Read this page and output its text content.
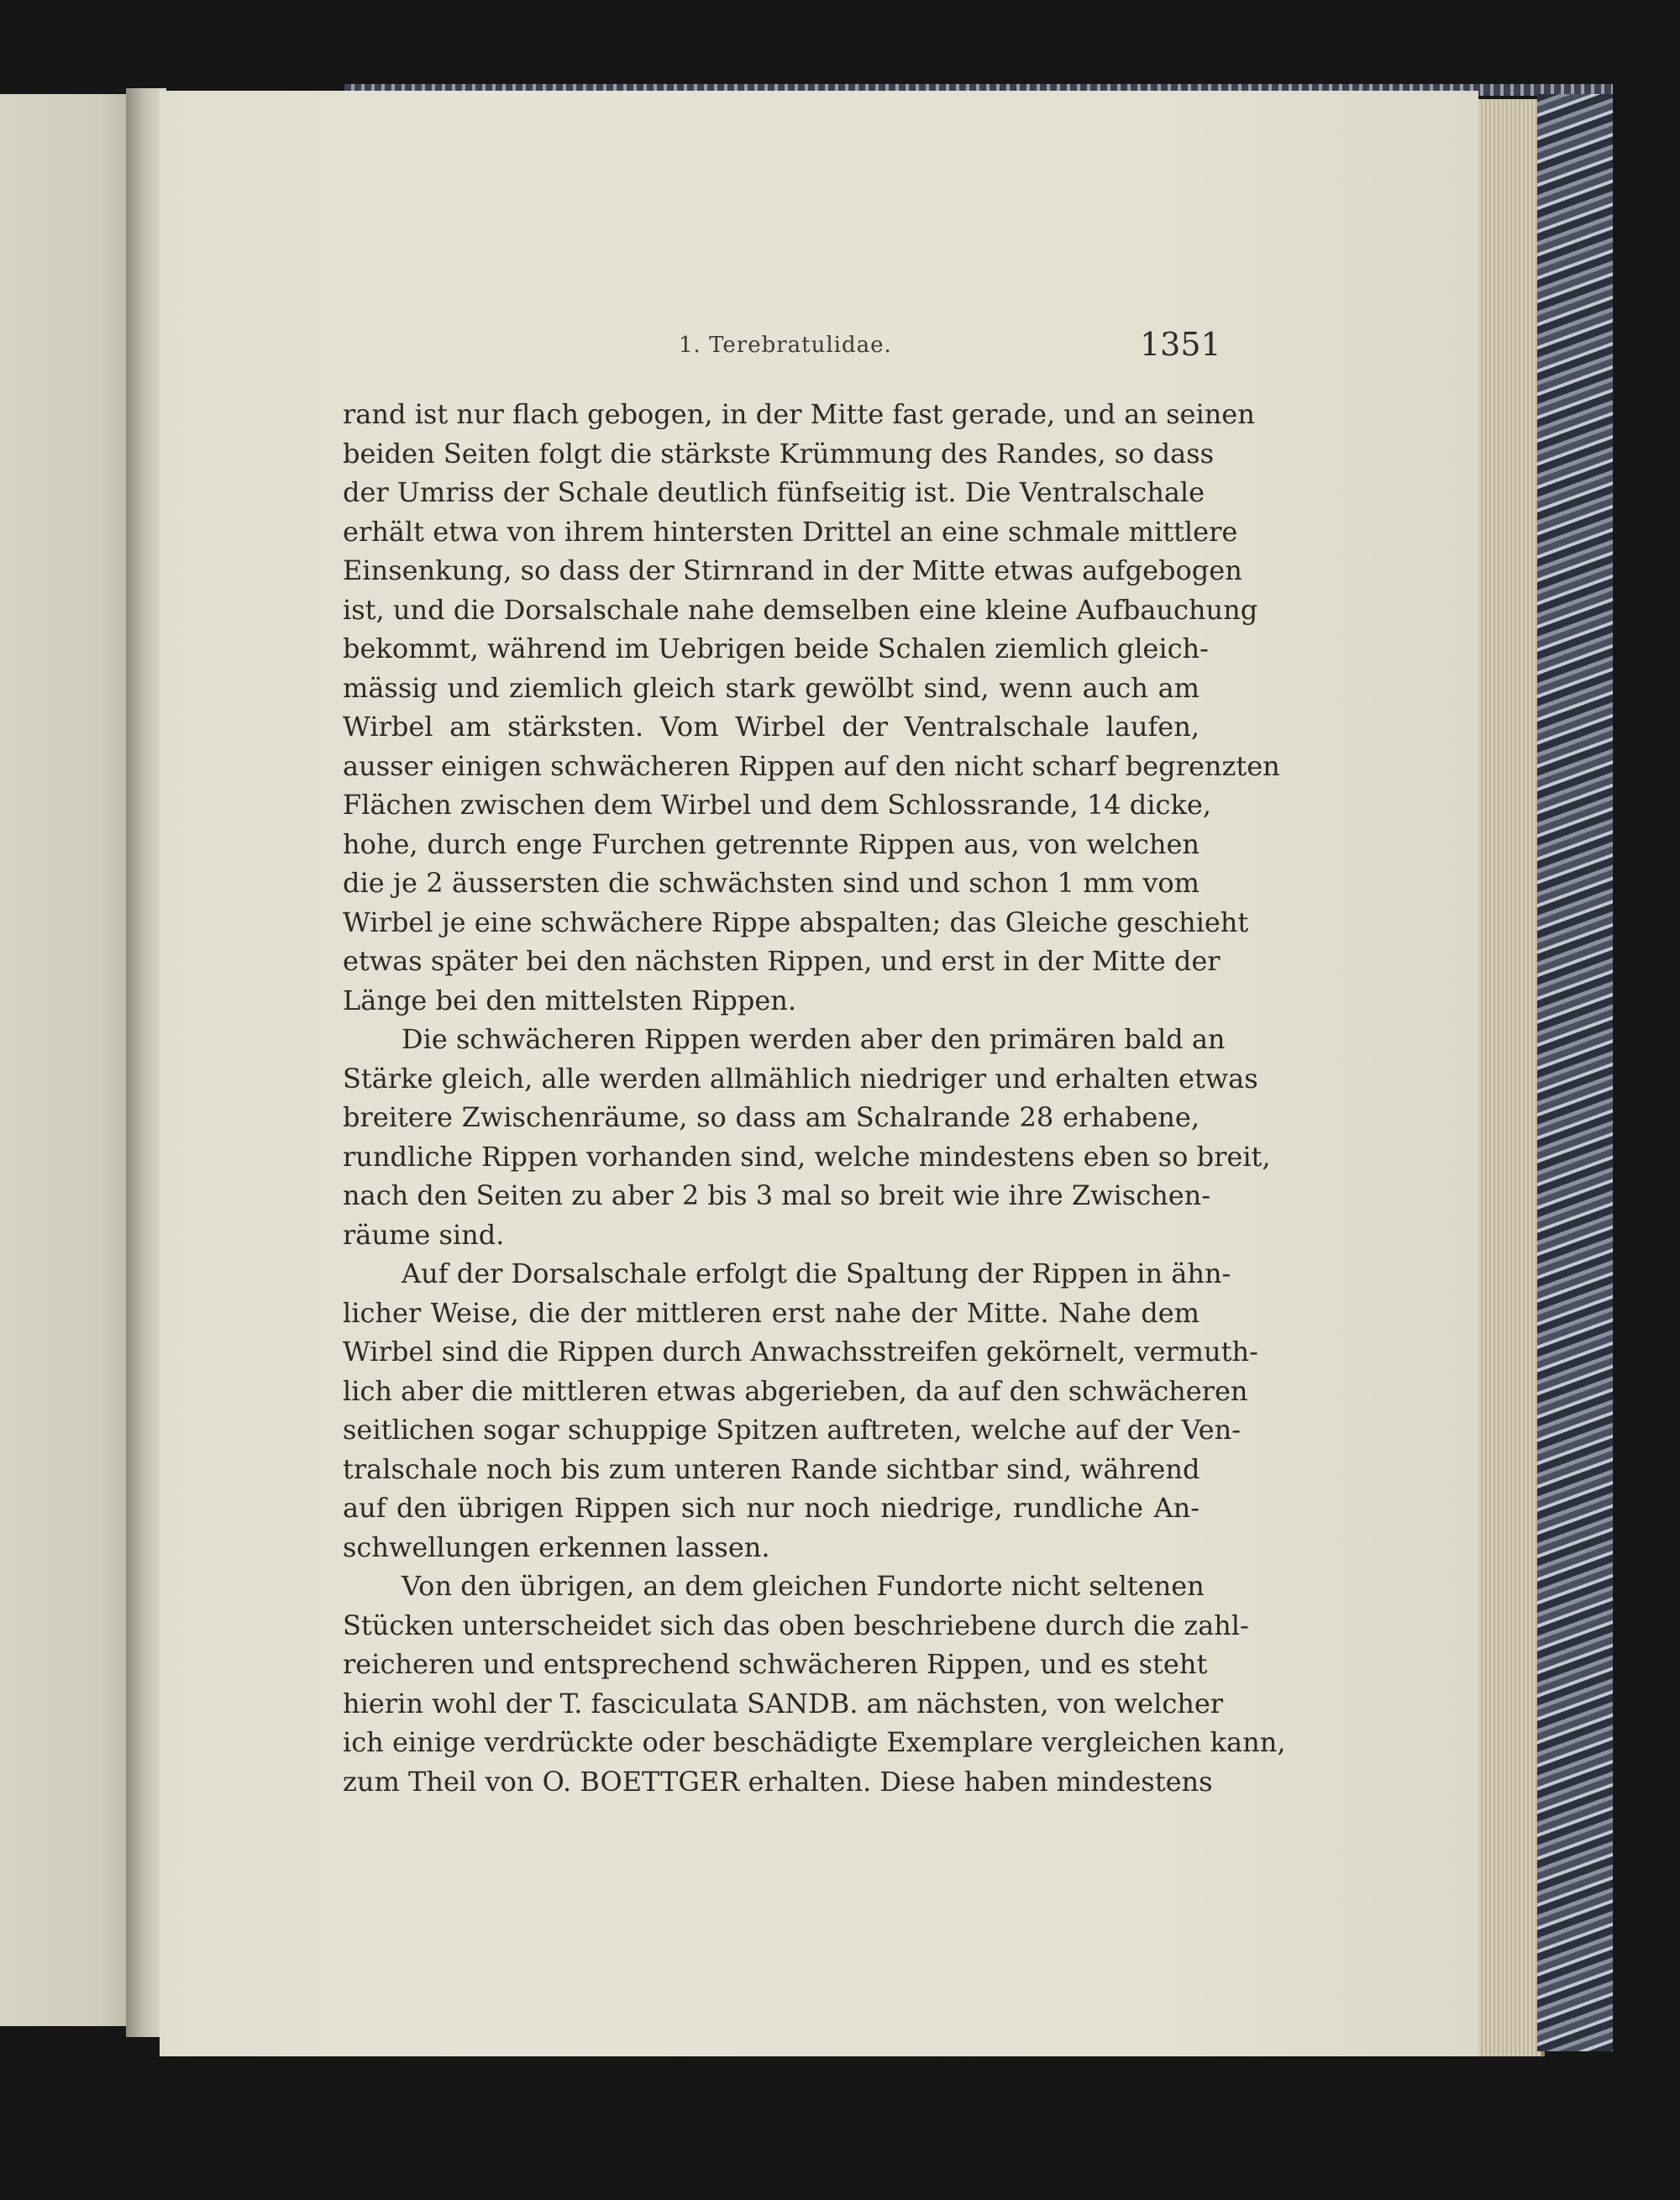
1. Terebratulidae.	1351
rand ist nur flach gebogen, in der Mitte fast gerade, und an seinen
beiden Seiten folgt die stärkste Krümmung des Randes, so dass
der Umriss der Schale deutlich fünfseitig ist. Die Ventralschale
erhält etwa von ihrem hintersten Drittel an eine schmale mittlere
Einsenkung, so dass der Stirnrand in der Mitte etwas aufgebogen
ist, und die Dorsalschale nahe demselben eine kleine Aufbauchung
bekommt, während im Uebrigen beide Schalen ziemlich gleich-
mässig und ziemlich gleich stark gewölbt sind, wenn auch am
Wirbel am stärksten. Vom Wirbel der Ventralschale laufen,
ausser einigen schwächeren Rippen auf den nicht scharf begrenzten
Flächen zwischen dem Wirbel und dem Schlossrande, 14 dicke,
hohe, durch enge Furchen getrennte Rippen aus, von welchen
die je 2 äussersten die schwächsten sind und schon 1 mm vom
Wirbel je eine schwächere Rippe abspalten; das Gleiche geschieht
etwas später bei den nächsten Rippen, und erst in der Mitte der
Länge bei den mittelsten Rippen.
Die schwächeren Rippen werden aber den primären bald an
Stärke gleich, alle werden allmählich niedriger und erhalten etwas
breitere Zwischenräume, so dass am Schalrande 28 erhabene,
rundliche Rippen vorhanden sind, welche mindestens eben so breit,
nach den Seiten zu aber 2 bis 3 mal so breit wie ihre Zwischen-
räume sind.
Auf der Dorsalschale erfolgt die Spaltung der Rippen in ähn-
licher Weise, die der mittleren erst nahe der Mitte. Nahe dem
Wirbel sind die Rippen durch Anwachsstreifen gekörnelt, vermuth-
lich aber die mittleren etwas abgerieben, da auf den schwächeren
seitlichen sogar schuppige Spitzen auftreten, welche auf der Ven-
tralschale noch bis zum unteren Rande sichtbar sind, während
auf den übrigen Rippen sich nur noch niedrige, rundliche An-
schwellungen erkennen lassen.
Von den übrigen, an dem gleichen Fundorte nicht seltenen
Stücken unterscheidet sich das oben beschriebene durch die zahl-
reicheren und entsprechend schwächeren Rippen, und es steht
hierin wohl der T. fasciculata SANDB. am nächsten, von welcher
ich einige verdrückte oder beschädigte Exemplare vergleichen kann,
zum Theil von O. BOETTGER erhalten. Diese haben mindestens
